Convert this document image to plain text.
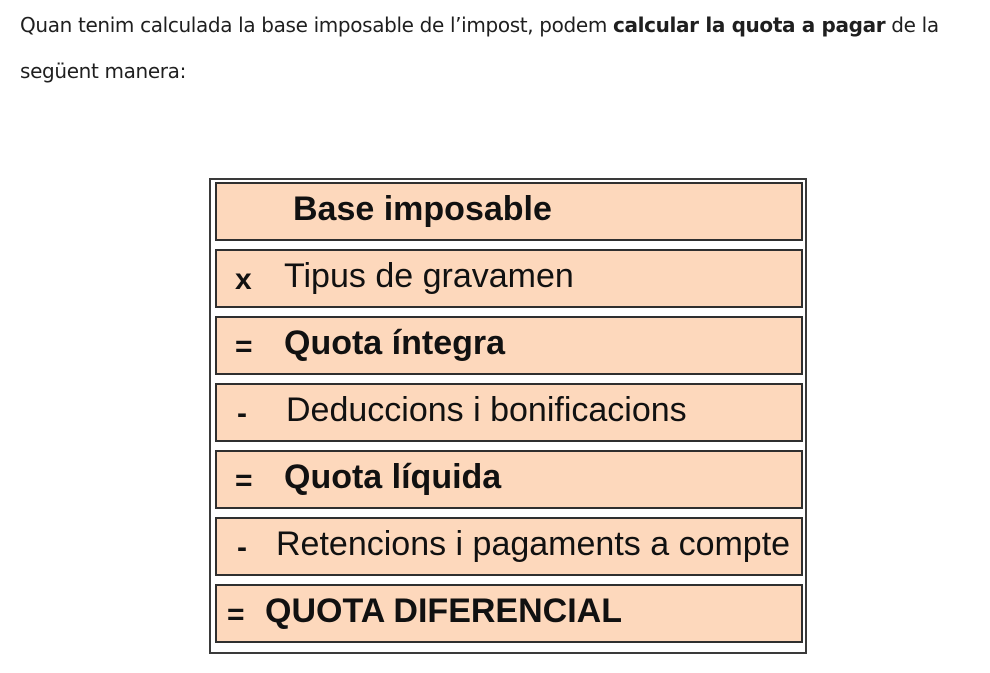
Quan tenim calculada la base imposable de l’impost, podem calcular la quota a pagar de la següent manera:

Base imposable
x Tipus de gravamen
= Quota íntegra
- Deduccions i bonificacions
= Quota líquida
- Retencions i pagaments a compte
= QUOTA DIFERENCIAL
